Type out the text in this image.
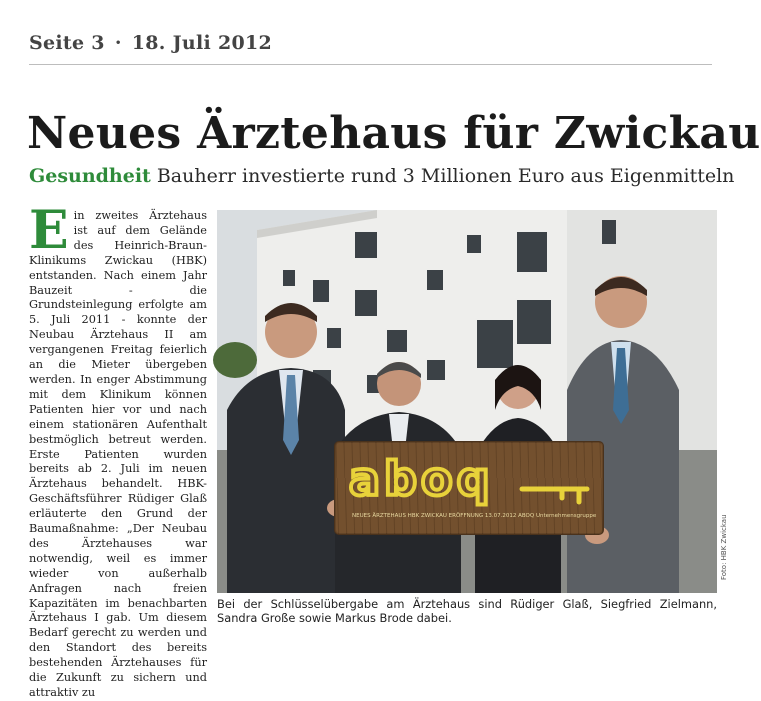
Seite 3 · 18. Juli 2012
Neues Ärztehaus für Zwickau
Gesundheit Bauherr investierte rund 3 Millionen Euro aus Eigenmitteln
Ein zweites Ärztehaus ist auf dem Gelände des Heinrich-Braun-Klinikums Zwickau (HBK) entstanden. Nach einem Jahr Bauzeit - die Grundsteinlegung erfolgte am 5. Juli 2011 - konnte der Neubau Ärztehaus II am vergangenen Freitag feierlich an die Mieter übergeben werden. In enger Abstimmung mit dem Klinikum können Patienten hier vor und nach einem stationären Aufenthalt bestmöglich betreut werden. Erste Patienten wurden bereits ab 2. Juli im neuen Ärztehaus behandelt. HBK-Geschäftsführer Rüdiger Glaß erläuterte den Grund der Baumaßnahme: „Der Neubau des Ärztehauses war notwendig, weil es immer wieder von außerhalb Anfragen nach freien Kapazitäten im benachbarten Ärztehaus I gab. Um diesem Bedarf gerecht zu werden und den Standort des bereits bestehenden Ärztehauses für die Zukunft zu sichern und attraktiv zu
aboq
NEUES ÄRZTEHAUS HBK ZWICKAU ERÖFFNUNG 13.07.2012 ABOQ Unternehmensgruppe	Foto: HBK Zwickau
Bei der Schlüsselübergabe am Ärztehaus sind Rüdiger Glaß, Siegfried Zielmann, Sandra Große sowie Markus Brode dabei.
